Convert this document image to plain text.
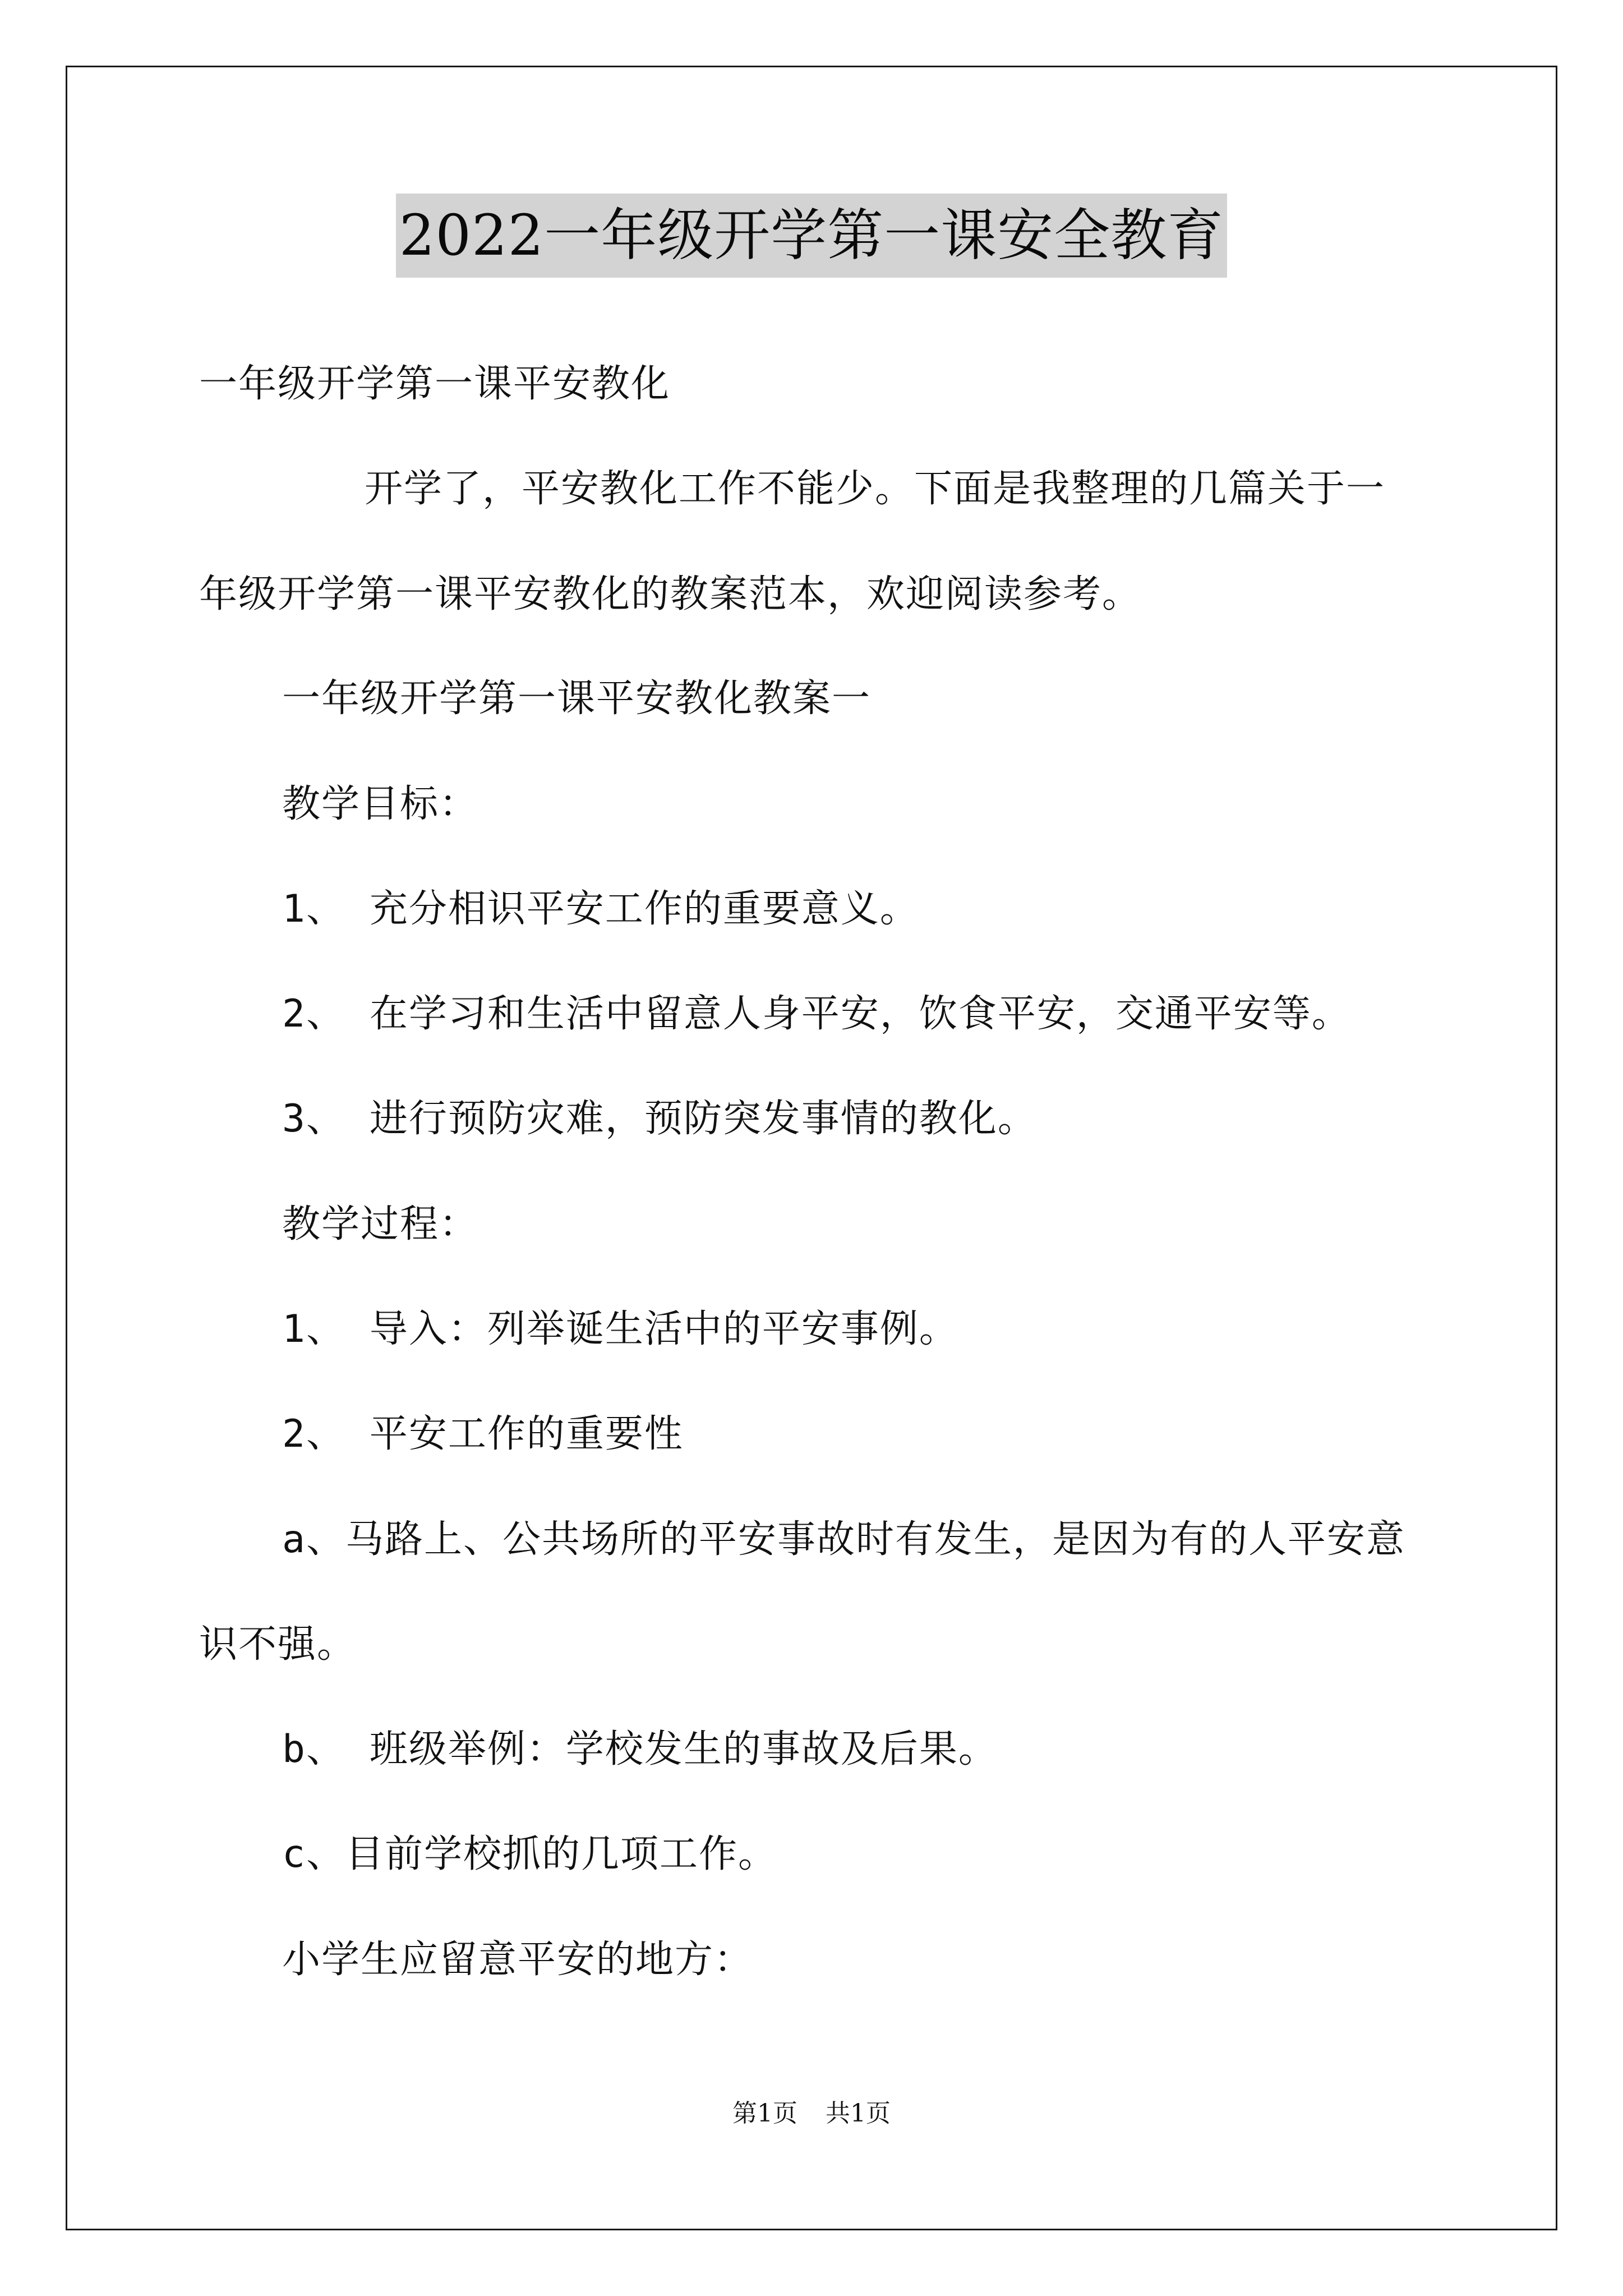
2022一年级开学第一课安全教育
一年级开学第一课平安教化
开学了，平安教化工作不能少。下面是我整理的几篇关于一
年级开学第一课平安教化的教案范本，欢迎阅读参考。
一年级开学第一课平安教化教案一
教学目标：
1、 充分相识平安工作的重要意义。
2、 在学习和生活中留意人身平安，饮食平安，交通平安等。
3、 进行预防灾难，预防突发事情的教化。
教学过程：
1、 导入：列举诞生活中的平安事例。
2、 平安工作的重要性
a、马路上、公共场所的平安事故时有发生，是因为有的人平安意
识不强。
b、 班级举例：学校发生的事故及后果。
c、目前学校抓的几项工作。
小学生应留意平安的地方：
第1页 共1页
